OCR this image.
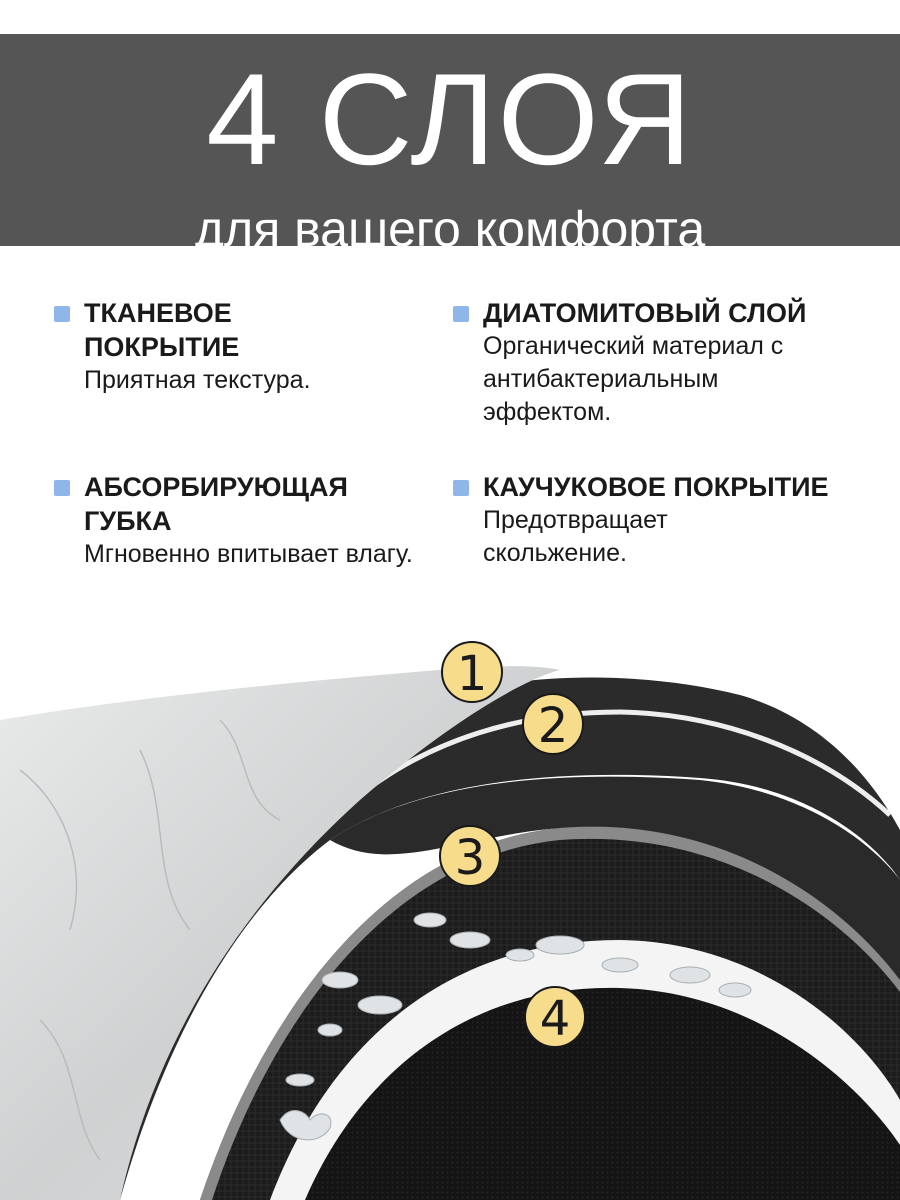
4 СЛОЯ
для вашего комфорта
ТКАНЕВОЕ
ПОКРЫТИЕ
Приятная текстура.
ДИАТОМИТОВЫЙ СЛОЙ
Органический материал с антибактериальным эффектом.
АБСОРБИРУЮЩАЯ
ГУБКА
Мгновенно впитывает влагу.
КАУЧУКОВОЕ ПОКРЫТИЕ
Предотвращает скольжение.
1
2
3
4
